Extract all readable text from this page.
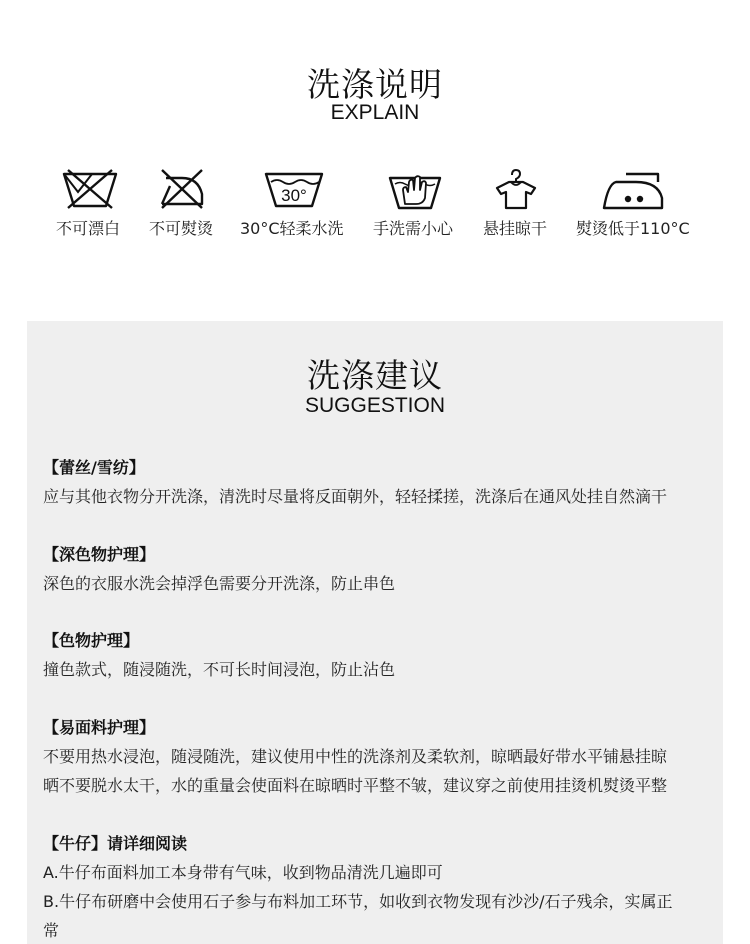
洗涤说明
EXPLAIN
30°
不可漂白 不可熨烫 30°C轻柔水洗 手洗需小心 悬挂晾干 熨烫低于110°C
洗涤建议
SUGGESTION
【蕾丝/雪纺】
应与其他衣物分开洗涤，清洗时尽量将反面朝外，轻轻揉搓，洗涤后在通风处挂自然滴干
【深色物护理】
深色的衣服水洗会掉浮色需要分开洗涤，防止串色
【色物护理】
撞色款式，随浸随洗，不可长时间浸泡，防止沾色
【易面料护理】
不要用热水浸泡，随浸随洗，建议使用中性的洗涤剂及柔软剂，晾晒最好带水平铺悬挂晾
晒不要脱水太干，水的重量会使面料在晾晒时平整不皱，建议穿之前使用挂烫机熨烫平整
【牛仔】请详细阅读
A.牛仔布面料加工本身带有气味，收到物品清洗几遍即可
B.牛仔布研磨中会使用石子参与布料加工环节，如收到衣物发现有沙沙/石子残余，实属正
常
